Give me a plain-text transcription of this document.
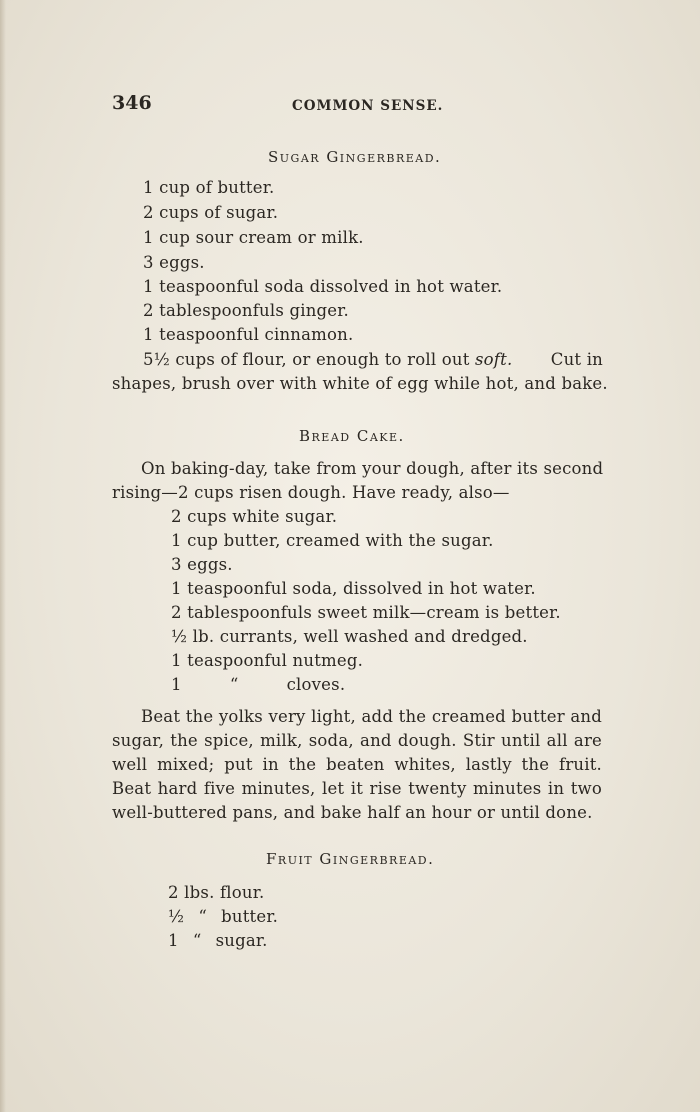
346	COMMON SENSE.
Sugar Gingerbread.
1 cup of butter.
2 cups of sugar.
1 cup sour cream or milk.
3 eggs.
1 teaspoonful soda dissolved in hot water.
2 tablespoonfuls ginger.
1 teaspoonful cinnamon.
5½ cups of flour, or enough to roll out soft. Cut in
shapes, brush over with white of egg while hot, and bake.
Bread Cake.
On baking-day, take from your dough, after its second
rising—2 cups risen dough. Have ready, also—
2 cups white sugar.
1 cup butter, creamed with the sugar.
3 eggs.
1 teaspoonful soda, dissolved in hot water.
2 tablespoonfuls sweet milk—cream is better.
½ lb. currants, well washed and dredged.
1 teaspoonful nutmeg.
1	“	cloves.
Beat the yolks very light, add the creamed butter and
sugar, the spice, milk, soda, and dough. Stir until all are
well mixed; put in the beaten whites, lastly the fruit.
Beat hard five minutes, let it rise twenty minutes in two
well-buttered pans, and bake half an hour or until done.
Fruit Gingerbread.
2 lbs. flour.
½ “ butter.
1 “ sugar.
